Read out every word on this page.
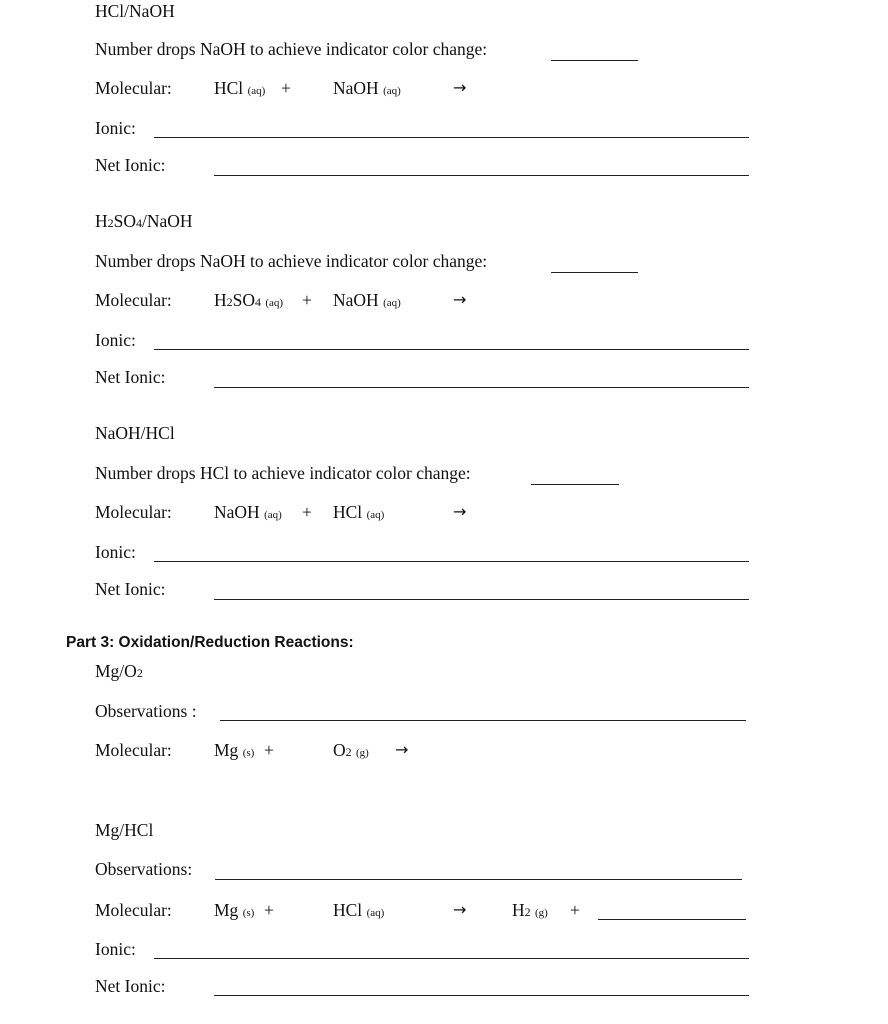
HCl/NaOH
Number drops NaOH to achieve indicator color change:
Molecular: HCl (aq) + NaOH (aq)	→
Ionic:
Net Ionic:
H2SO4/NaOH
Number drops NaOH to achieve indicator color change:
Molecular: H2SO4 (aq) + NaOH (aq)	→
Ionic:
Net Ionic:
NaOH/HCl
Number drops HCl to achieve indicator color change:
Molecular: NaOH (aq) + HCl (aq)	→
Ionic:
Net Ionic:
Part 3: Oxidation/Reduction Reactions:
Mg/O2
Observations :
Molecular: Mg (s) +	O2 (g) →
Mg/HCl
Observations:
Molecular: Mg (s) +	HCl (aq)	→	H2 (g) +
Ionic:
Net Ionic:
